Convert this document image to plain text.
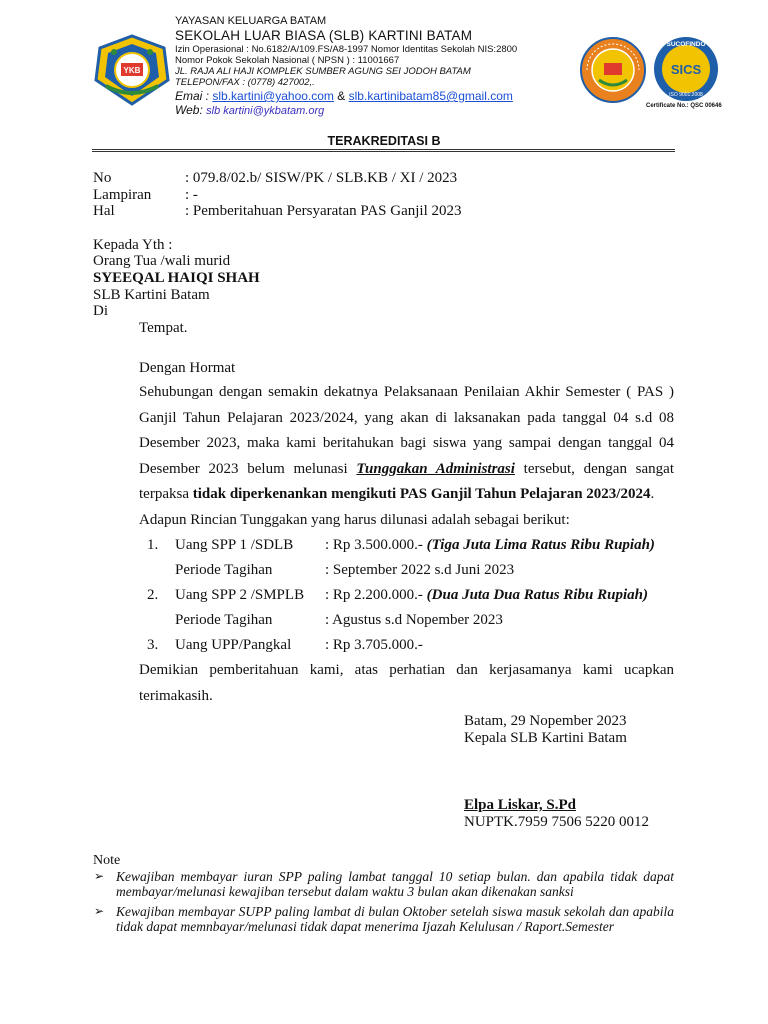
YKB
YAYASAN KELUARGA BATAM
SEKOLAH LUAR BIASA (SLB) KARTINI BATAM
Izin Operasional : No.6182/A/109.FS/A8-1997 Nomor Identitas Sekolah NIS:2800
Nomor Pokok Sekolah Nasional ( NPSN ) : 11001667
JL. RAJA ALI HAJI KOMPLEK SUMBER AGUNG SEI JODOH BATAM
TELEPON/FAX : (0778) 427002,.
Emai : slb.kartini@yahoo.com & slb.kartinibatam85@gmail.com
Web: slb kartini@ykbatam.org
SUCOFINDO
SICS
ISO 9001:2008
Certificate No.: QSC 00646
TERAKREDITASI B
No	: 079.8/02.b/ SISW/PK / SLB.KB / XI / 2023
Lampiran : -
Hal	: Pemberitahuan Persyaratan PAS Ganjil 2023
Kepada Yth :
Orang Tua /wali murid
SYEEQAL HAIQI SHAH
SLB Kartini Batam
Di
Tempat.
Dengan Hormat
Sehubungan dengan semakin dekatnya Pelaksanaan Penilaian Akhir Semester ( PAS ) Ganjil Tahun Pelajaran 2023/2024, yang akan di laksanakan pada tanggal 04 s.d 08 Desember 2023, maka kami beritahukan bagi siswa yang sampai dengan tanggal 04 Desember 2023 belum melunasi Tunggakan Administrasi tersebut, dengan sangat terpaksa tidak diperkenankan mengikuti PAS Ganjil Tahun Pelajaran 2023/2024.
Adapun Rincian Tunggakan yang harus dilunasi adalah sebagai berikut:
1. Uang SPP 1 /SDLB : Rp 3.500.000.- (Tiga Juta Lima Ratus Ribu Rupiah)
Periode Tagihan	: September 2022 s.d Juni 2023
2. Uang SPP 2 /SMPLB : Rp 2.200.000.- (Dua Juta Dua Ratus Ribu Rupiah)
Periode Tagihan	: Agustus s.d Nopember 2023
3. Uang UPP/Pangkal : Rp 3.705.000.-
Demikian pemberitahuan kami, atas perhatian dan kerjasamanya kami ucapkan terimakasih.
Batam, 29 Nopember 2023
Kepala SLB Kartini Batam
Elpa Liskar, S.Pd
NUPTK.7959 7506 5220 0012
Note
➢ Kewajiban membayar iuran SPP paling lambat tanggal 10 setiap bulan. dan apabila tidak dapat membayar/melunasi kewajiban tersebut dalam waktu 3 bulan akan dikenakan sanksi
➢ Kewajiban membayar SUPP paling lambat di bulan Oktober setelah siswa masuk sekolah dan apabila tidak dapat memnbayar/melunasi tidak dapat menerima Ijazah Kelulusan / Raport.Semester
